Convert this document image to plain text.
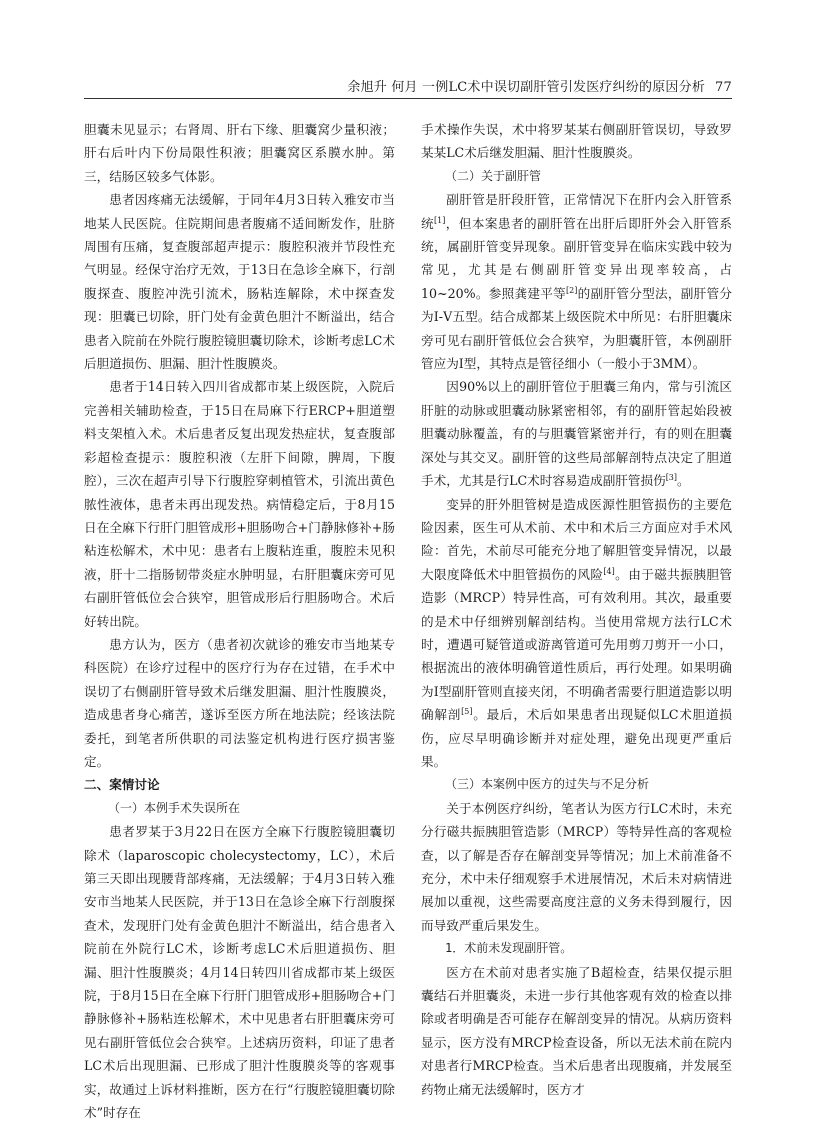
余旭升 何月 一例LC术中误切副肝管引发医疗纠纷的原因分析 77

胆囊未见显示；右肾周、肝右下缘、胆囊窝少量积液；肝右后叶内下份局限性积液；胆囊窝区系膜水肿。第三，结肠区较多气体影。

患者因疼痛无法缓解，于同年4月3日转入雅安市当地某人民医院。住院期间患者腹痛不适间断发作，肚脐周围有压痛，复查腹部超声提示：腹腔积液并节段性充气明显。经保守治疗无效，于13日在急诊全麻下，行剖腹探查、腹腔冲洗引流术，肠粘连解除，术中探查发现：胆囊已切除，肝门处有金黄色胆汁不断溢出，结合患者入院前在外院行腹腔镜胆囊切除术，诊断考虑LC术后胆道损伤、胆漏、胆汁性腹膜炎。

患者于14日转入四川省成都市某上级医院，入院后完善相关辅助检查，于15日在局麻下行ERCP+胆道塑料支架植入术。术后患者反复出现发热症状，复查腹部彩超检查提示：腹腔积液（左肝下间隙，脾周，下腹腔），三次在超声引导下行腹腔穿刺植管术，引流出黄色脓性液体，患者未再出现发热。病情稳定后，于8月15日在全麻下行肝门胆管成形+胆肠吻合+门静脉修补+肠粘连松解术，术中见：患者右上腹粘连重，腹腔未见积液，肝十二指肠韧带炎症水肿明显，右肝胆囊床旁可见右副肝管低位会合狭窄，胆管成形后行胆肠吻合。术后好转出院。

患方认为，医方（患者初次就诊的雅安市当地某专科医院）在诊疗过程中的医疗行为存在过错，在手术中误切了右侧副肝管导致术后继发胆漏、胆汁性腹膜炎，造成患者身心痛苦，遂诉至医方所在地法院；经该法院委托，到笔者所供职的司法鉴定机构进行医疗损害鉴定。

二、案情讨论
（一）本例手术失误所在

患者罗某于3月22日在医方全麻下行腹腔镜胆囊切除术（laparoscopic cholecystectomy，LC），术后第三天即出现腰背部疼痛，无法缓解；于4月3日转入雅安市当地某人民医院，并于13日在急诊全麻下行剖腹探查术，发现肝门处有金黄色胆汁不断溢出，结合患者入院前在外院行LC术，诊断考虑LC术后胆道损伤、胆漏、胆汁性腹膜炎；4月14日转四川省成都市某上级医院，于8月15日在全麻下行肝门胆管成形+胆肠吻合+门静脉修补+肠粘连松解术，术中见患者右肝胆囊床旁可见右副肝管低位会合狭窄。上述病历资料，印证了患者LC术后出现胆漏、已形成了胆汁性腹膜炎等的客观事实，故通过上诉材料推断，医方在行“行腹腔镜胆囊切除术”时存在

手术操作失误，术中将罗某某右侧副肝管误切，导致罗某某LC术后继发胆漏、胆汁性腹膜炎。

（二）关于副肝管

副肝管是肝段肝管，正常情况下在肝内会入肝管系统[1]，但本案患者的副肝管在出肝后即肝外会入肝管系统，属副肝管变异现象。副肝管变异在临床实践中较为常见，尤其是右侧副肝管变异出现率较高，占10~20%。参照龚建平等[2]的副肝管分型法，副肝管分为Ⅰ-Ⅴ五型。结合成都某上级医院术中所见：右肝胆囊床旁可见右副肝管低位会合狭窄，为胆囊肝管，本例副肝管应为Ⅰ型，其特点是管径细小（一般小于3MM）。

因90%以上的副肝管位于胆囊三角内，常与引流区肝脏的动脉或胆囊动脉紧密相邻，有的副肝管起始段被胆囊动脉覆盖，有的与胆囊管紧密并行，有的则在胆囊深处与其交叉。副肝管的这些局部解剖特点决定了胆道手术，尤其是行LC术时容易造成副肝管损伤[3]。

变异的肝外胆管树是造成医源性胆管损伤的主要危险因素，医生可从术前、术中和术后三方面应对手术风险：首先，术前尽可能充分地了解胆管变异情况，以最大限度降低术中胆管损伤的风险[4]。由于磁共振胰胆管造影（MRCP）特异性高，可有效利用。其次，最重要的是术中仔细辨别解剖结构。当使用常规方法行LC术时，遭遇可疑管道或游离管道可先用剪刀剪开一小口，根据流出的液体明确管道性质后，再行处理。如果明确为Ⅰ型副肝管则直接夹闭，不明确者需要行胆道造影以明确解剖[5]。最后，术后如果患者出现疑似LC术胆道损伤，应尽早明确诊断并对症处理，避免出现更严重后果。

（三）本案例中医方的过失与不足分析

关于本例医疗纠纷，笔者认为医方行LC术时，未充分行磁共振胰胆管造影（MRCP）等特异性高的客观检查，以了解是否存在解剖变异等情况；加上术前准备不充分，术中未仔细观察手术进展情况，术后未对病情进展加以重视，这些需要高度注意的义务未得到履行，因而导致严重后果发生。

1．术前未发现副肝管。

医方在术前对患者实施了B超检查，结果仅提示胆囊结石并胆囊炎，未进一步行其他客观有效的检查以排除或者明确是否可能存在解剖变异的情况。从病历资料显示，医方没有MRCP检查设备，所以无法术前在院内对患者行MRCP检查。当术后患者出现腹痛，并发展至药物止痛无法缓解时，医方才
